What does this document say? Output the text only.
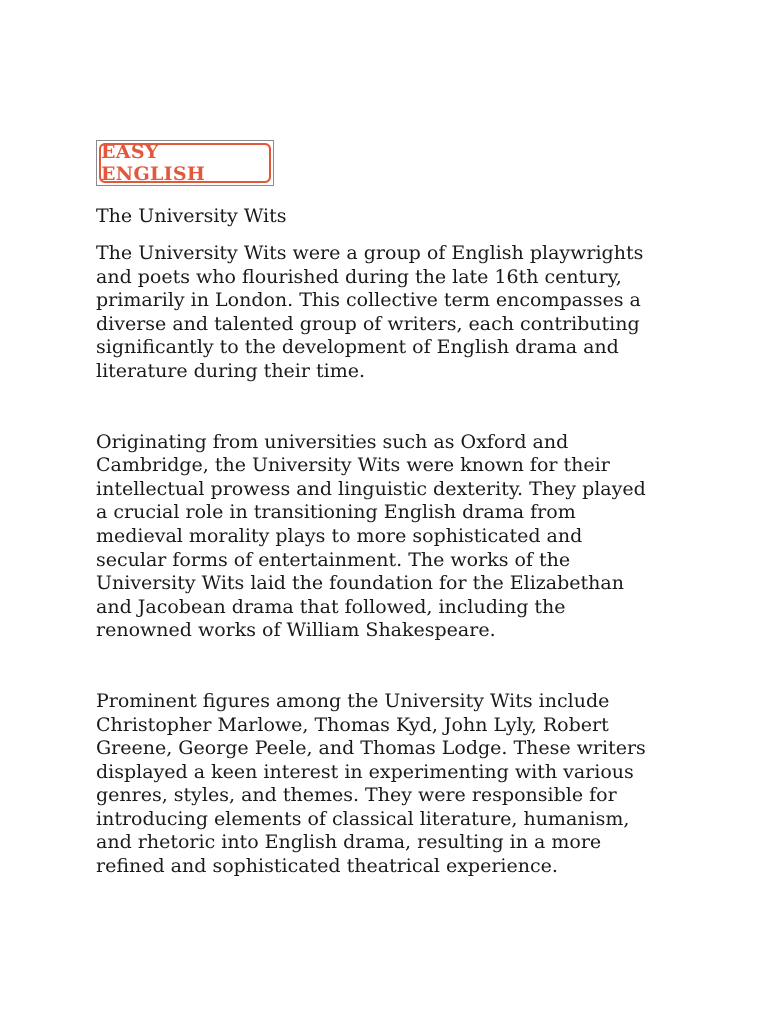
EASY ENGLISH
The University Wits

The University Wits were a group of English playwrights and poets who flourished during the late 16th century, primarily in London. This collective term encompasses a diverse and talented group of writers, each contributing significantly to the development of English drama and literature during their time.

Originating from universities such as Oxford and Cambridge, the University Wits were known for their intellectual prowess and linguistic dexterity. They played a crucial role in transitioning English drama from medieval morality plays to more sophisticated and secular forms of entertainment. The works of the University Wits laid the foundation for the Elizabethan and Jacobean drama that followed, including the renowned works of William Shakespeare.

Prominent figures among the University Wits include Christopher Marlowe, Thomas Kyd, John Lyly, Robert Greene, George Peele, and Thomas Lodge. These writers displayed a keen interest in experimenting with various genres, styles, and themes. They were responsible for introducing elements of classical literature, humanism, and rhetoric into English drama, resulting in a more refined and sophisticated theatrical experience.
